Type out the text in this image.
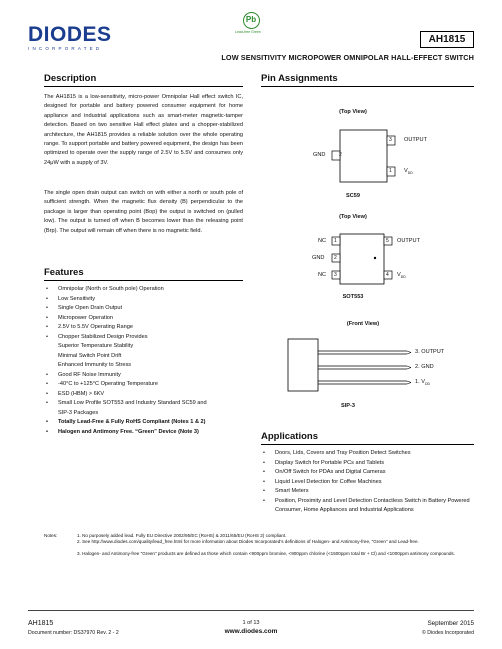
DIODES
INCORPORATED
Pb
Lead-free Green
AH1815
LOW SENSITIVITY MICROPOWER OMNIPOLAR HALL-EFFECT SWITCH
Description
The AH1815 is a low-sensitivity, micro-power Omnipolar Hall effect switch IC, designed for portable and battery powered consumer equipment for home appliance and industrial applications such as smart-meter magnetic-tamper detection. Based on two sensitive Hall effect plates and a chopper-stabilized architecture, the AH1815 provides a reliable solution over the whole operating range. To support portable and battery powered equipment, the design has been optimized to operate over the supply range of 2.5V to 5.5V and consumes only 24μW with a supply of 3V.
The single open drain output can switch on with either a north or south pole of sufficient strength. When the magnetic flux density (B) perpendicular to the package is larger than operating point (Bop) the output is switched on (pulled low). The output is turned off when B becomes lower than the releasing point (Brp). The output will remain off when there is no magnetic field.
Features
• Omnipolar (North or South pole) Operation
• Low Sensitivity
• Single Open Drain Output
• Micropower Operation
• 2.5V to 5.5V Operating Range
• Chopper Stabilized Design Provides
Superior Temperature Stability
Minimal Switch Point Drift
Enhanced Immunity to Stress
• Good RF Noise Immunity
• -40°C to +125°C Operating Temperature
• ESD (HBM) > 6KV
• Small Low Profile SOT553 and Industry Standard SC59 and
SIP-3 Packages
• Totally Lead-Free & Fully RoHS Compliant (Notes 1 & 2)
• Halogen and Antimony Free. “Green” Device (Note 3)
Pin Assignments
(Top View)
2
GND
3 OUTPUT
1 $V_{DD}$
SC59
(Top View)
1
NC
2
GND
3
NC
5 OUTPUT
4 $V_{DD}$
SOT553
(Front View)
3. OUTPUT
2. GND
1. $V_{DD}$
SIP-3
Applications
• Doors, Lids, Covers and Tray Position Detect Switches
• Display Switch for Portable PCs and Tablets
• On/Off Switch for PDAs and Digital Cameras
• Liquid Level Detection for Coffee Machines
• Smart Meters
• Position, Proximity and Level Detection Contactless Switch in Battery Powered Consumer, Home Appliances and Industrial Applications
Notes:	1. No purposely added lead. Fully EU Directive 2002/95/EC (RoHS) & 2011/65/EU (RoHS 2) compliant.
2. See http://www.diodes.com/quality/lead_free.html for more information about Diodes Incorporated’s definitions of Halogen- and Antimony-free, "Green" and Lead-free.
3. Halogen- and Antimony-free "Green" products are defined as those which contain <900ppm bromine, <900ppm chlorine (<1500ppm total Br + Cl) and <1000ppm antimony compounds.
AH1815
Document number: DS37970 Rev. 2 - 2
1 of 13
www.diodes.com
September 2015
© Diodes Incorporated
